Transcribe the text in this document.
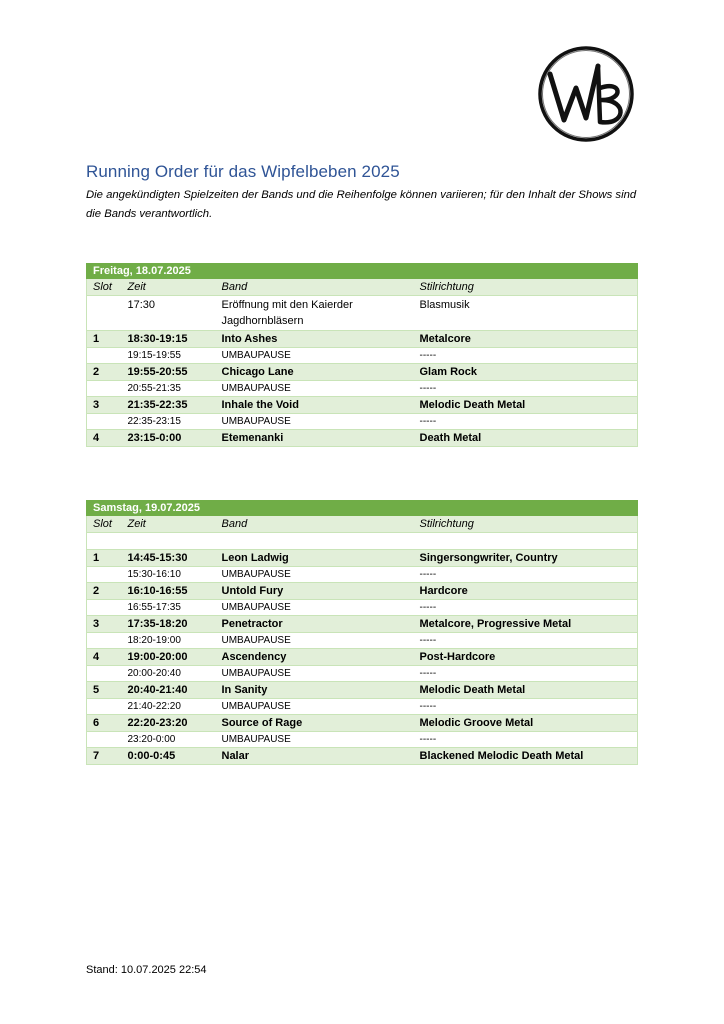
Running Order für das Wipfelbeben 2025
Die angekündigten Spielzeiten der Bands und die Reihenfolge können variieren; für den Inhalt der Shows sind die Bands verantwortlich.
Freitag, 18.07.2025			
Slot	Zeit	Band	Stilrichtung
	17:30	Eröffnung mit den Kaierder Jagdhornbläsern	Blasmusik
1	18:30-19:15	Into Ashes	Metalcore
	19:15-19:55	UMBAUPAUSE	-----
2	19:55-20:55	Chicago Lane	Glam Rock
	20:55-21:35	UMBAUPAUSE	-----
3	21:35-22:35	Inhale the Void	Melodic Death Metal
	22:35-23:15	UMBAUPAUSE	-----
4	23:15-0:00	Etemenanki	Death Metal
Samstag, 19.07.2025			
Slot	Zeit	Band	Stilrichtung

1	14:45-15:30	Leon Ladwig	Singersongwriter, Country
	15:30-16:10	UMBAUPAUSE	-----
2	16:10-16:55	Untold Fury	Hardcore
	16:55-17:35	UMBAUPAUSE	-----
3	17:35-18:20	Penetractor	Metalcore, Progressive Metal
	18:20-19:00	UMBAUPAUSE	-----
4	19:00-20:00	Ascendency	Post-Hardcore
	20:00-20:40	UMBAUPAUSE	-----
5	20:40-21:40	In Sanity	Melodic Death Metal
	21:40-22:20	UMBAUPAUSE	-----
6	22:20-23:20	Source of Rage	Melodic Groove Metal
	23:20-0:00	UMBAUPAUSE	-----
7	0:00-0:45	Nalar	Blackened Melodic Death Metal
Stand: 10.07.2025 22:54
